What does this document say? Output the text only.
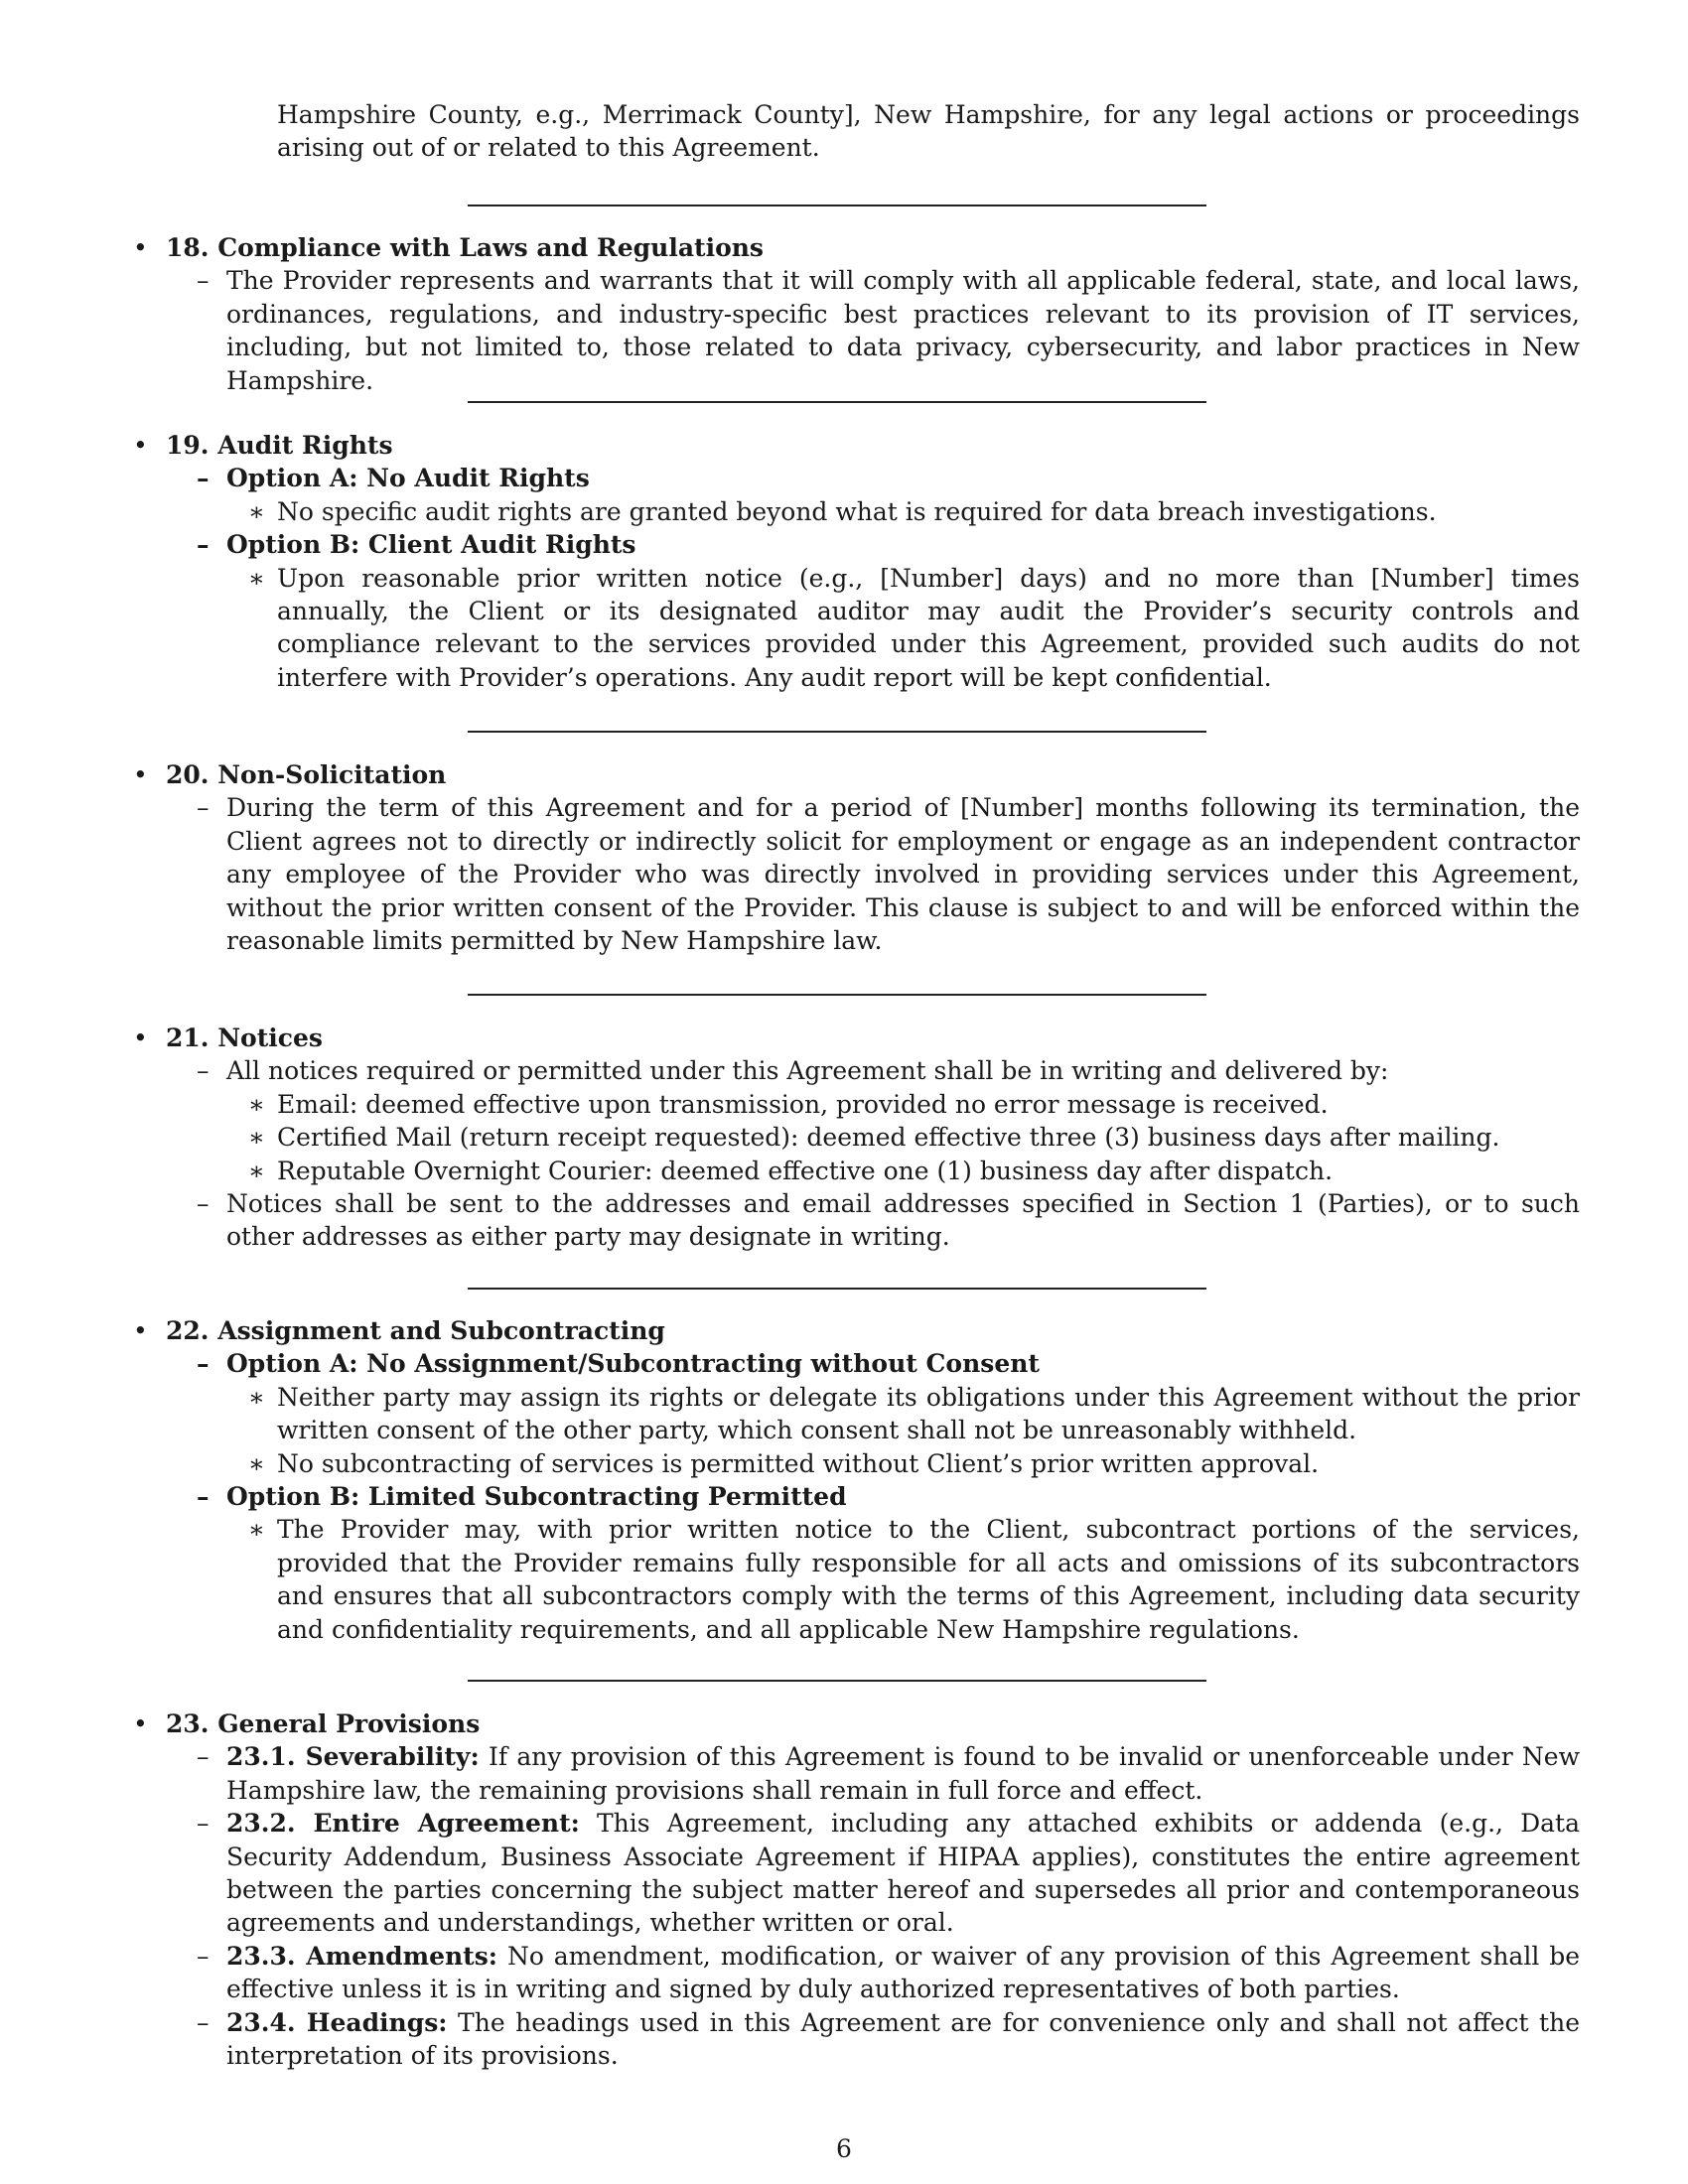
Hampshire County, e.g., Merrimack County], New Hampshire, for any legal actions or proceedings arising out of or related to this Agreement.
• 18. Compliance with Laws and Regulations
– The Provider represents and warrants that it will comply with all applicable federal, state, and local laws, ordinances, regulations, and industry-specific best practices relevant to its provision of IT services, including, but not limited to, those related to data privacy, cybersecurity, and labor practices in New Hampshire.
• 19. Audit Rights
– Option A: No Audit Rights
∗ No specific audit rights are granted beyond what is required for data breach investigations.
– Option B: Client Audit Rights
∗ Upon reasonable prior written notice (e.g., [Number] days) and no more than [Number] times annually, the Client or its designated auditor may audit the Provider’s security controls and compliance relevant to the services provided under this Agreement, provided such audits do not interfere with Provider’s operations. Any audit report will be kept confidential.
• 20. Non-Solicitation
– During the term of this Agreement and for a period of [Number] months following its termination, the Client agrees not to directly or indirectly solicit for employment or engage as an independent contractor any employee of the Provider who was directly involved in providing services under this Agreement, without the prior written consent of the Provider. This clause is subject to and will be enforced within the reasonable limits permitted by New Hampshire law.
• 21. Notices
– All notices required or permitted under this Agreement shall be in writing and delivered by:
∗ Email: deemed effective upon transmission, provided no error message is received.
∗ Certified Mail (return receipt requested): deemed effective three (3) business days after mailing.
∗ Reputable Overnight Courier: deemed effective one (1) business day after dispatch.
– Notices shall be sent to the addresses and email addresses specified in Section 1 (Parties), or to such other addresses as either party may designate in writing.
• 22. Assignment and Subcontracting
– Option A: No Assignment/Subcontracting without Consent
∗ Neither party may assign its rights or delegate its obligations under this Agreement without the prior written consent of the other party, which consent shall not be unreasonably withheld.
∗ No subcontracting of services is permitted without Client’s prior written approval.
– Option B: Limited Subcontracting Permitted
∗ The Provider may, with prior written notice to the Client, subcontract portions of the services, provided that the Provider remains fully responsible for all acts and omissions of its subcontractors and ensures that all subcontractors comply with the terms of this Agreement, including data security and confidentiality requirements, and all applicable New Hampshire regulations.
• 23. General Provisions
– 23.1. Severability: If any provision of this Agreement is found to be invalid or unenforceable under New Hampshire law, the remaining provisions shall remain in full force and effect.
– 23.2. Entire Agreement: This Agreement, including any attached exhibits or addenda (e.g., Data Security Addendum, Business Associate Agreement if HIPAA applies), constitutes the entire agreement between the parties concerning the subject matter hereof and supersedes all prior and contemporaneous agreements and understandings, whether written or oral.
– 23.3. Amendments: No amendment, modification, or waiver of any provision of this Agreement shall be effective unless it is in writing and signed by duly authorized representatives of both parties.
– 23.4. Headings: The headings used in this Agreement are for convenience only and shall not affect the interpretation of its provisions.
6
